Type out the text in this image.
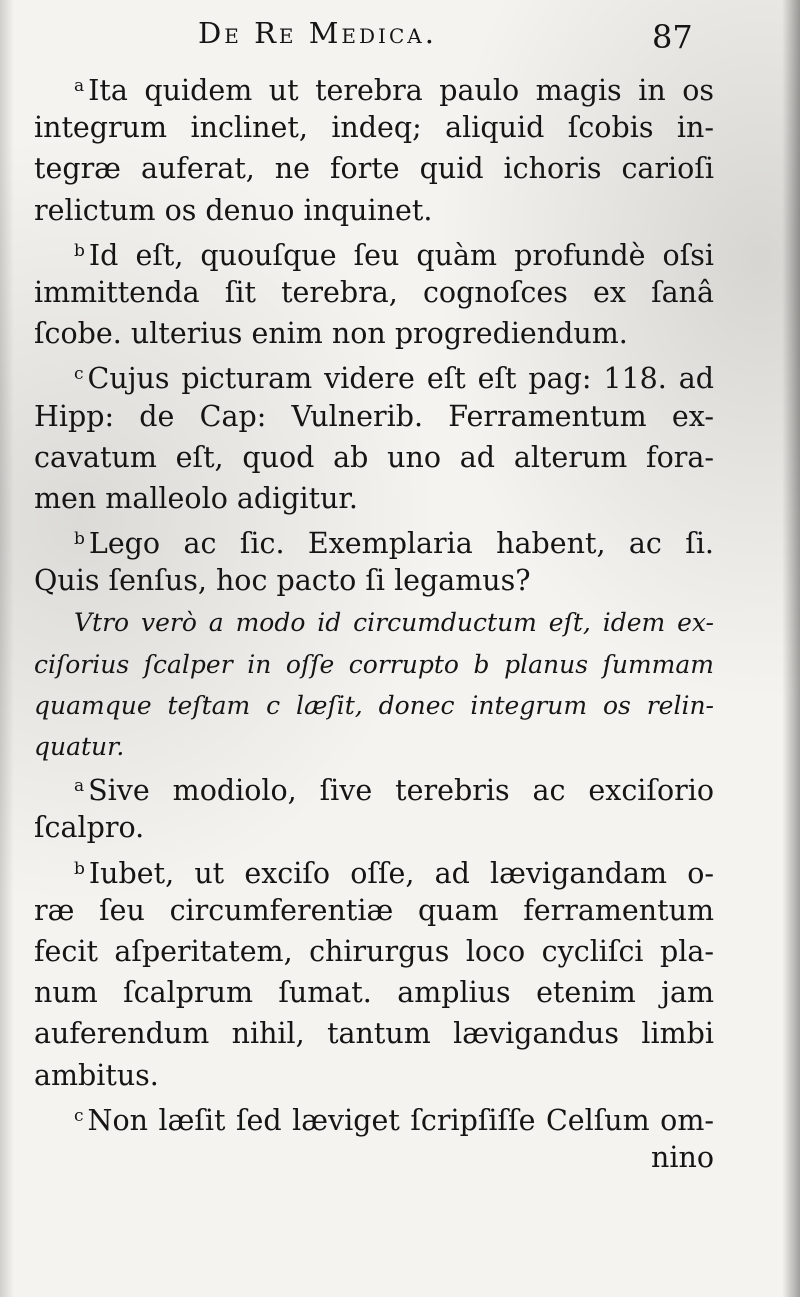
De Re Medica.	87
$^a$ Ita quidem ut terebra paulo magis in os
integrum inclinet, indeq; aliquid ſcobis in-
tegræ auferat, ne forte quid ichoris carioſi
relictum os denuo inquinet.
$^b$ Id eſt, quouſque ſeu quàm profundè oſsi
immittenda ſit terebra, cognoſces ex ſanâ
ſcobe. ulterius enim non progrediendum.
$^c$ Cujus picturam videre eſt eſt pag: 118. ad
Hipp: de Cap: Vulnerib. Ferramentum ex-
cavatum eſt, quod ab uno ad alterum fora-
men malleolo adigitur.
$^b$ Lego ac ſic. Exemplaria habent, ac ſi.
Quis ſenſus, hoc pacto ſi legamus?
Vtro verò a modo id circumductum eſt, idem ex-
ciſorius ſcalper in oſſe corrupto b planus ſummam
quamque teſtam c læſit, donec integrum os relin-
quatur.
$^a$ Sive modiolo, ſive terebris ac exciſorio
ſcalpro.
$^b$ Iubet, ut exciſo oſſe, ad lævigandam o-
ræ ſeu circumferentiæ quam ferramentum
fecit aſperitatem, chirurgus loco cycliſci pla-
num ſcalprum ſumat. amplius etenim jam
auferendum nihil, tantum lævigandus limbi
ambitus.
$^c$ Non læſit ſed læviget ſcripſiſſe Celſum om-
nino
